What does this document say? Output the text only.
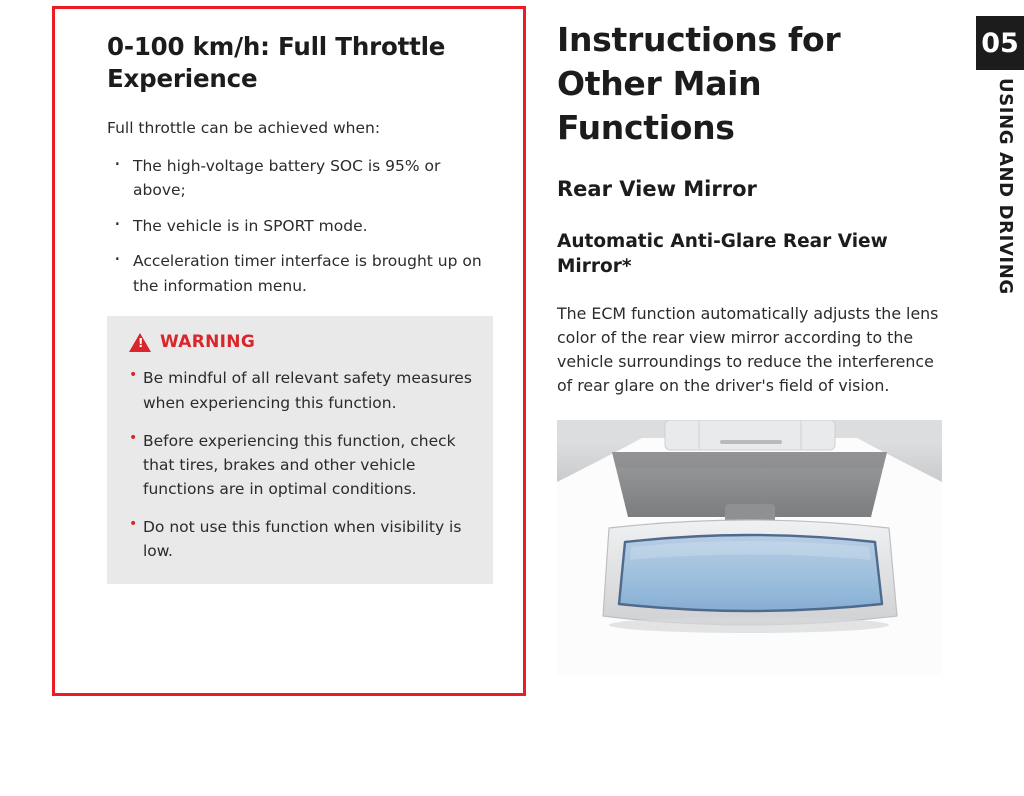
0-100 km/h: Full Throttle Experience

Full throttle can be achieved when:

· The high-voltage battery SOC is 95% or above;
· The vehicle is in SPORT mode.
· Acceleration timer interface is brought up on the information menu.
! WARNING
• Be mindful of all relevant safety measures when experiencing this function.
• Before experiencing this function, check that tires, brakes and other vehicle functions are in optimal conditions.
• Do not use this function when visibility is low.
Instructions for Other Main Functions
Rear View Mirror
Automatic Anti-Glare Rear View Mirror*

The ECM function automatically adjusts the lens color of the rear view mirror according to the vehicle surroundings to reduce the interference of rear glare on the driver's field of vision.

05
USING AND DRIVING
